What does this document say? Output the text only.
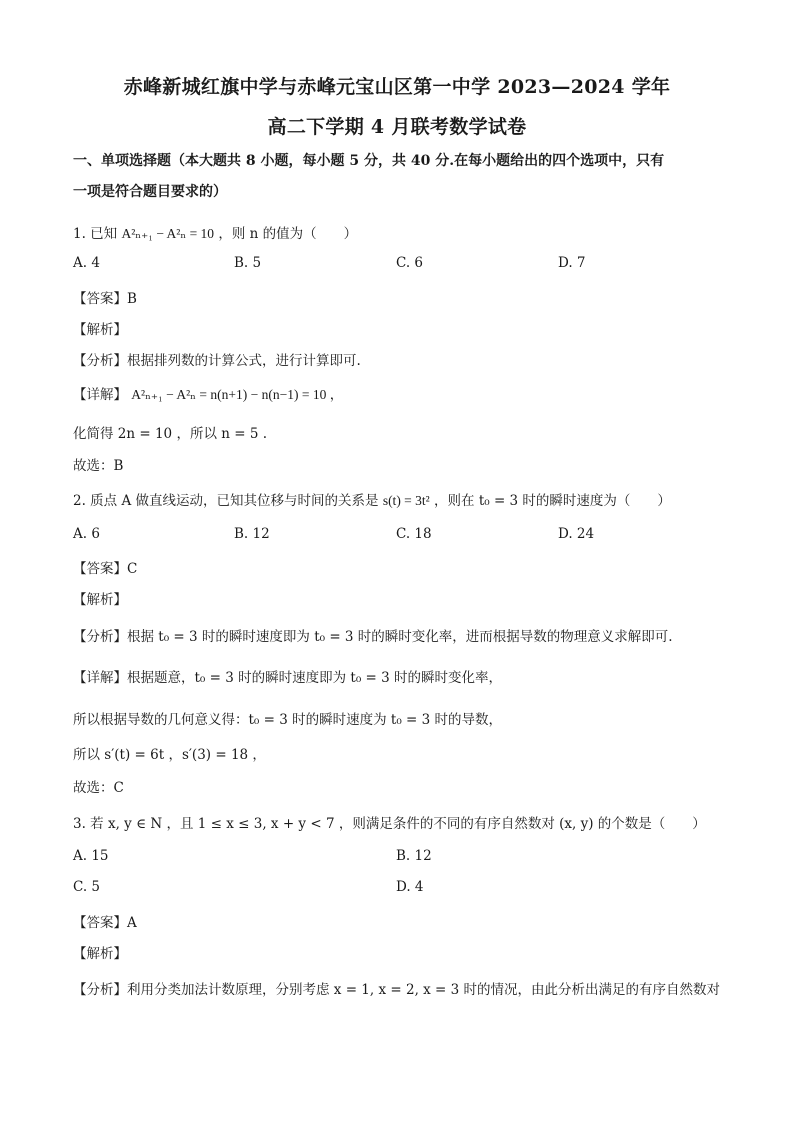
赤峰新城红旗中学与赤峰元宝山区第一中学 2023—2024 学年
高二下学期 4 月联考数学试卷
一、单项选择题（本大题共 8 小题，每小题 5 分，共 40 分.在每小题给出的四个选项中，只有
一项是符合题目要求的）
1. 已知 A²ₙ₊₁ − A²ₙ = 10 ，则 n 的值为（　　）
A. 4	B. 5	C. 6	D. 7
【答案】B
【解析】
【分析】根据排列数的计算公式，进行计算即可.
【详解】 A²ₙ₊₁ − A²ₙ = n(n+1) − n(n−1) = 10 ，
化简得 2n = 10 ，所以 n = 5 .
故选：B
2. 质点 A 做直线运动，已知其位移与时间的关系是 s(t) = 3t² ，则在 t₀ = 3 时的瞬时速度为（　　）
A. 6	B. 12	C. 18	D. 24
【答案】C
【解析】
【分析】根据 t₀ = 3 时的瞬时速度即为 t₀ = 3 时的瞬时变化率，进而根据导数的物理意义求解即可.
【详解】根据题意，t₀ = 3 时的瞬时速度即为 t₀ = 3 时的瞬时变化率，
所以根据导数的几何意义得：t₀ = 3 时的瞬时速度为 t₀ = 3 时的导数，
所以 s′(t) = 6t ，s′(3) = 18 ，
故选：C
3. 若 x, y ∈ N ，且 1 ≤ x ≤ 3, x + y < 7 ，则满足条件的不同的有序自然数对 (x, y) 的个数是（　　）
A. 15	B. 12
C. 5	D. 4
【答案】A
【解析】
【分析】利用分类加法计数原理，分别考虑 x = 1, x = 2, x = 3 时的情况，由此分析出满足的有序自然数对
